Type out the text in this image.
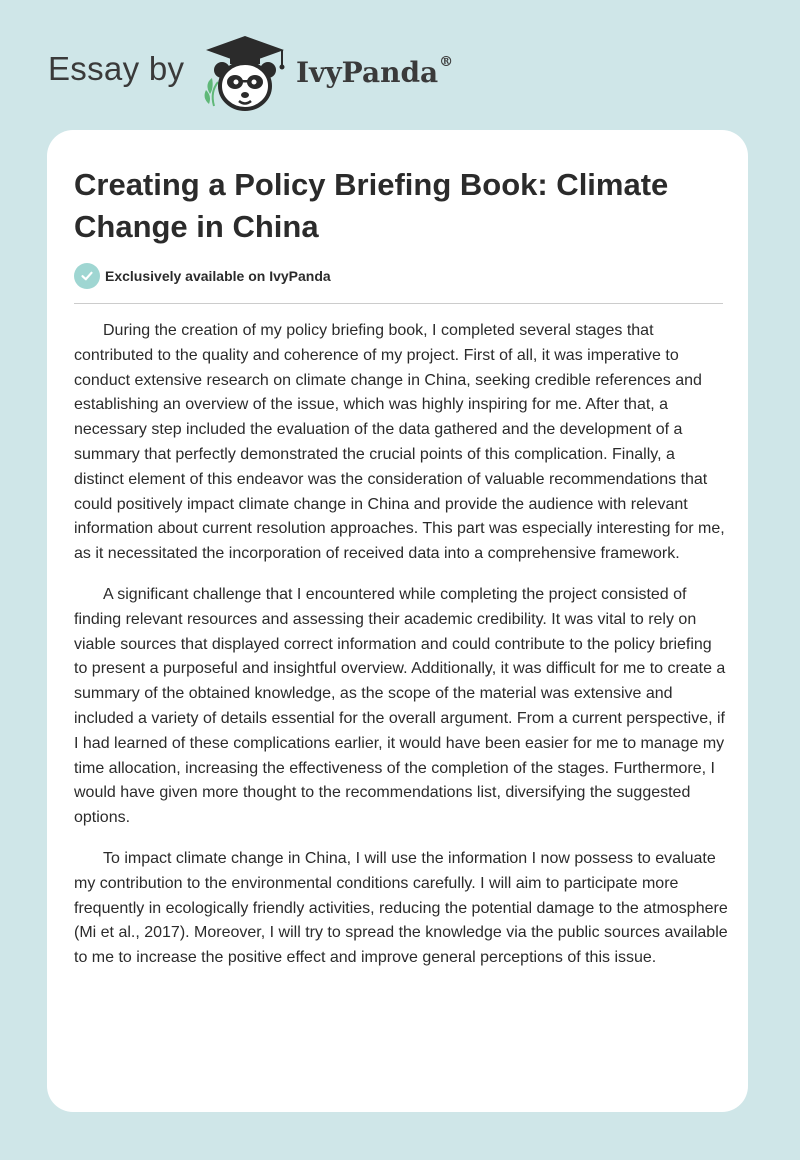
Essay by	IvyPanda®
Creating a Policy Briefing Book: Climate Change in China
Exclusively available on IvyPanda

During the creation of my policy briefing book, I completed several stages that contributed to the quality and coherence of my project. First of all, it was imperative to conduct extensive research on climate change in China, seeking credible references and establishing an overview of the issue, which was highly inspiring for me. After that, a necessary step included the evaluation of the data gathered and the development of a summary that perfectly demonstrated the crucial points of this complication. Finally, a distinct element of this endeavor was the consideration of valuable recommendations that could positively impact climate change in China and provide the audience with relevant information about current resolution approaches. This part was especially interesting for me, as it necessitated the incorporation of received data into a comprehensive framework.

A significant challenge that I encountered while completing the project consisted of finding relevant resources and assessing their academic credibility. It was vital to rely on viable sources that displayed correct information and could contribute to the policy briefing to present a purposeful and insightful overview. Additionally, it was difficult for me to create a summary of the obtained knowledge, as the scope of the material was extensive and included a variety of details essential for the overall argument. From a current perspective, if I had learned of these complications earlier, it would have been easier for me to manage my time allocation, increasing the effectiveness of the completion of the stages. Furthermore, I would have given more thought to the recommendations list, diversifying the suggested options.

To impact climate change in China, I will use the information I now possess to evaluate my contribution to the environmental conditions carefully. I will aim to participate more frequently in ecologically friendly activities, reducing the potential damage to the atmosphere (Mi et al., 2017). Moreover, I will try to spread the knowledge via the public sources available to me to increase the positive effect and improve general perceptions of this issue.
